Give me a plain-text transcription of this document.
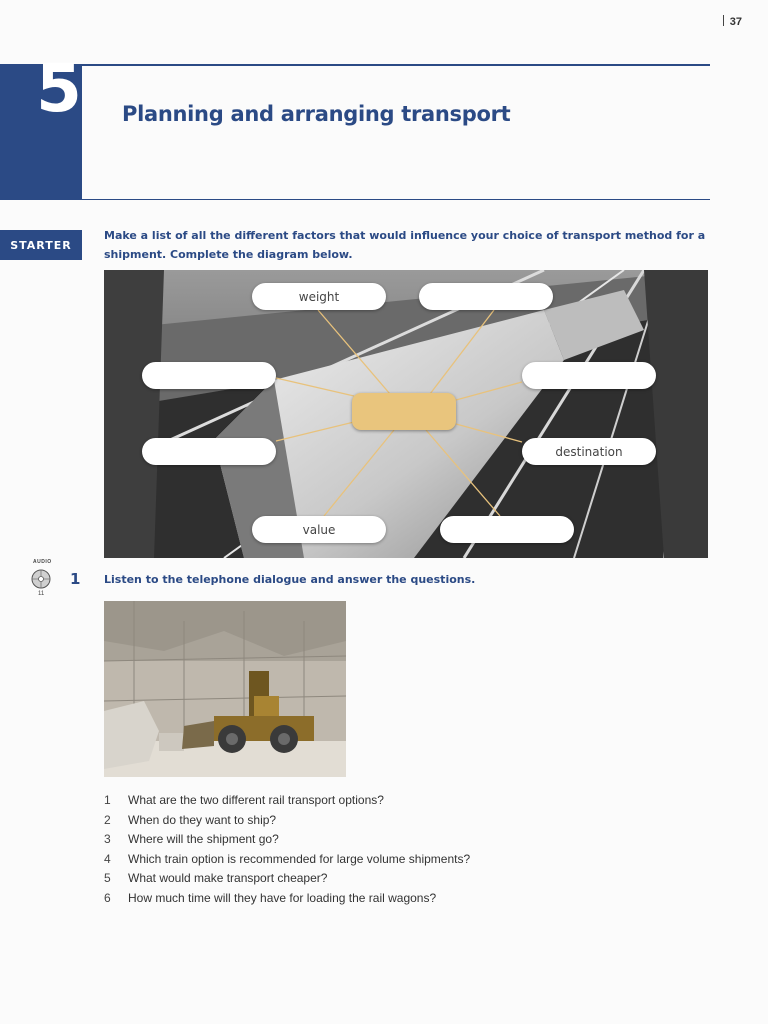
37
5 Planning and arranging transport
STARTER
Make a list of all the different factors that would influence your choice of transport method for a shipment. Complete the diagram below.
weight
destination
value
AUDIO
11
1 Listen to the telephone dialogue and answer the questions.
1	What are the two different rail transport options?
2	When do they want to ship?
3	Where will the shipment go?
4	Which train option is recommended for large volume shipments?
5	What would make transport cheaper?
6	How much time will they have for loading the rail wagons?
